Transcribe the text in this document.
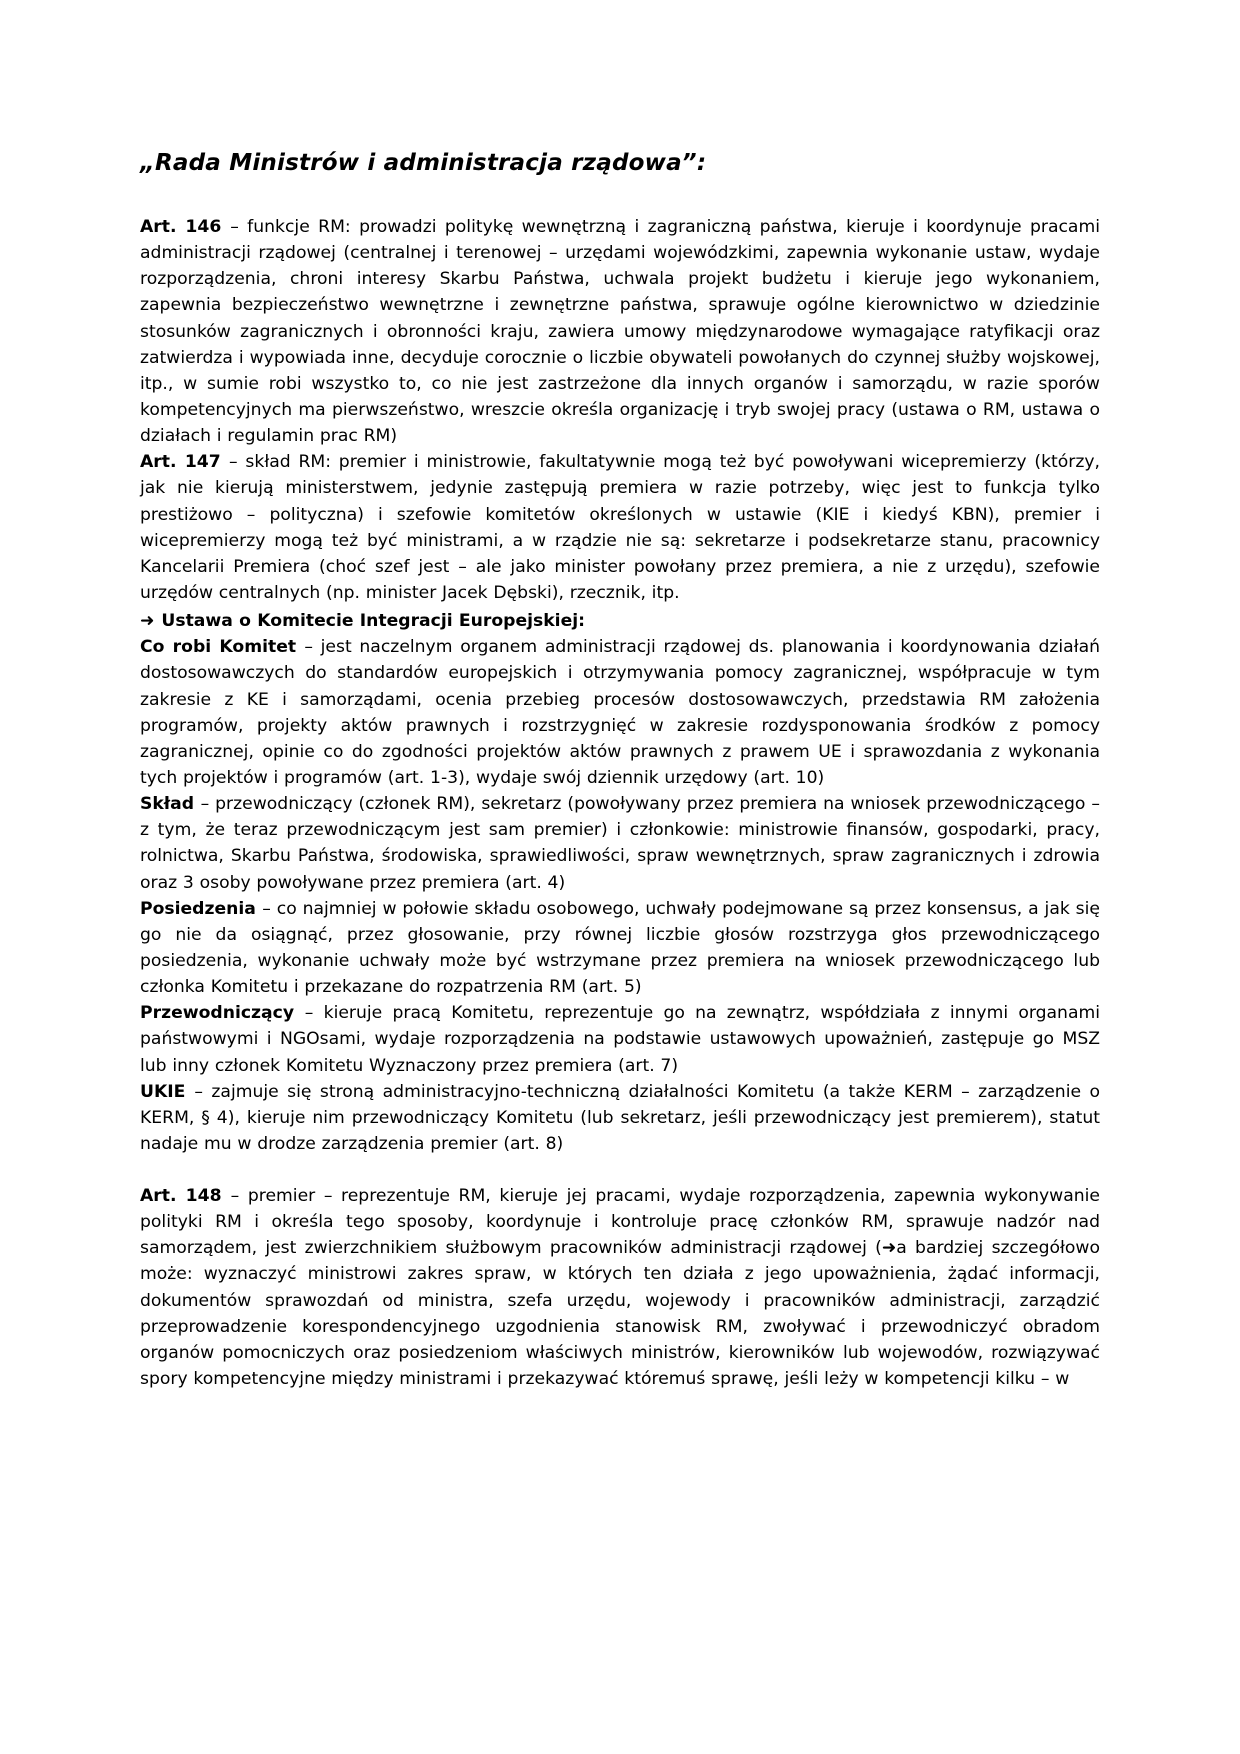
„Rada Ministrów i administracja rządowa”:

Art. 146 – funkcje RM: prowadzi politykę wewnętrzną i zagraniczną państwa, kieruje i koordynuje pracami administracji rządowej (centralnej i terenowej – urzędami wojewódzkimi, zapewnia wykonanie ustaw, wydaje rozporządzenia, chroni interesy Skarbu Państwa, uchwala projekt budżetu i kieruje jego wykonaniem, zapewnia bezpieczeństwo wewnętrzne i zewnętrzne państwa, sprawuje ogólne kierownictwo w dziedzinie stosunków zagranicznych i obronności kraju, zawiera umowy międzynarodowe wymagające ratyfikacji oraz zatwierdza i wypowiada inne, decyduje corocznie o liczbie obywateli powołanych do czynnej służby wojskowej, itp., w sumie robi wszystko to, co nie jest zastrzeżone dla innych organów i samorządu, w razie sporów kompetencyjnych ma pierwszeństwo, wreszcie określa organizację i tryb swojej pracy (ustawa o RM, ustawa o działach i regulamin prac RM)

Art. 147 – skład RM: premier i ministrowie, fakultatywnie mogą też być powoływani wicepremierzy (którzy, jak nie kierują ministerstwem, jedynie zastępują premiera w razie potrzeby, więc jest to funkcja tylko prestiżowo – polityczna) i szefowie komitetów określonych w ustawie (KIE i kiedyś KBN), premier i wicepremierzy mogą też być ministrami, a w rządzie nie są: sekretarze i podsekretarze stanu, pracownicy Kancelarii Premiera (choć szef jest – ale jako minister powołany przez premiera, a nie z urzędu), szefowie urzędów centralnych (np. minister Jacek Dębski), rzecznik, itp.

➜ Ustawa o Komitecie Integracji Europejskiej:

Co robi Komitet – jest naczelnym organem administracji rządowej ds. planowania i koordynowania działań dostosowawczych do standardów europejskich i otrzymywania pomocy zagranicznej, współpracuje w tym zakresie z KE i samorządami, ocenia przebieg procesów dostosowawczych, przedstawia RM założenia programów, projekty aktów prawnych i rozstrzygnięć w zakresie rozdysponowania środków z pomocy zagranicznej, opinie co do zgodności projektów aktów prawnych z prawem UE i sprawozdania z wykonania tych projektów i programów (art. 1-3), wydaje swój dziennik urzędowy (art. 10)

Skład – przewodniczący (członek RM), sekretarz (powoływany przez premiera na wniosek przewodniczącego – z tym, że teraz przewodniczącym jest sam premier) i członkowie: ministrowie finansów, gospodarki, pracy, rolnictwa, Skarbu Państwa, środowiska, sprawiedliwości, spraw wewnętrznych, spraw zagranicznych i zdrowia oraz 3 osoby powoływane przez premiera (art. 4)

Posiedzenia – co najmniej w połowie składu osobowego, uchwały podejmowane są przez konsensus, a jak się go nie da osiągnąć, przez głosowanie, przy równej liczbie głosów rozstrzyga głos przewodniczącego posiedzenia, wykonanie uchwały może być wstrzymane przez premiera na wniosek przewodniczącego lub członka Komitetu i przekazane do rozpatrzenia RM (art. 5)

Przewodniczący – kieruje pracą Komitetu, reprezentuje go na zewnątrz, współdziała z innymi organami państwowymi i NGOsami, wydaje rozporządzenia na podstawie ustawowych upoważnień, zastępuje go MSZ lub inny członek Komitetu Wyznaczony przez premiera (art. 7)

UKIE – zajmuje się stroną administracyjno-techniczną działalności Komitetu (a także KERM – zarządzenie o KERM, § 4), kieruje nim przewodniczący Komitetu (lub sekretarz, jeśli przewodniczący jest premierem), statut nadaje mu w drodze zarządzenia premier (art. 8)

Art. 148 – premier – reprezentuje RM, kieruje jej pracami, wydaje rozporządzenia, zapewnia wykonywanie polityki RM i określa tego sposoby, koordynuje i kontroluje pracę członków RM, sprawuje nadzór nad samorządem, jest zwierzchnikiem służbowym pracowników administracji rządowej (➜a bardziej szczegółowo może: wyznaczyć ministrowi zakres spraw, w których ten działa z jego upoważnienia, żądać informacji, dokumentów sprawozdań od ministra, szefa urzędu, wojewody i pracowników administracji, zarządzić przeprowadzenie korespondencyjnego uzgodnienia stanowisk RM, zwoływać i przewodniczyć obradom organów pomocniczych oraz posiedzeniom właściwych ministrów, kierowników lub wojewodów, rozwiązywać spory kompetencyjne między ministrami i przekazywać któremuś sprawę, jeśli leży w kompetencji kilku – w
